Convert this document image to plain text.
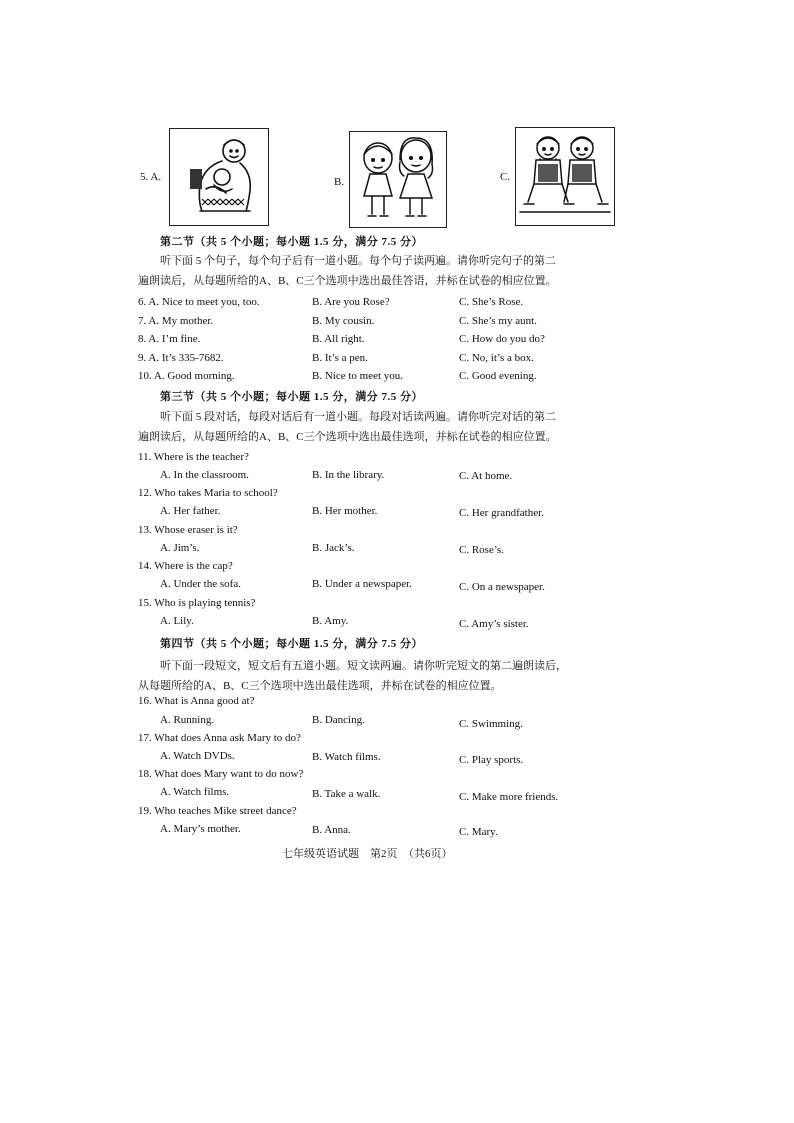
5. A.	B.	C.
第二节（共 5 个小题；每小题 1.5 分，满分 7.5 分）
听下面 5 个句子，每个句子后有一道小题。每个句子读两遍。请你听完句子的第二
遍朗读后，从每题所给的A、B、C三个选项中选出最佳答语，并标在试卷的相应位置。
6. A. Nice to meet you, too.	B. Are you Rose?	C. She’s Rose.
7. A. My mother.	B. My cousin.	C. She’s my aunt.
8. A. I’m fine.	B. All right.	C. How do you do?
9. A. It’s 335-7682.	B. It’s a pen.	C. No, it’s a box.
10. A. Good morning.	B. Nice to meet you.	C. Good evening.
第三节（共 5 个小题；每小题 1.5 分，满分 7.5 分）
听下面 5 段对话，每段对话后有一道小题。每段对话读两遍。请你听完对话的第二
遍朗读后，从每题所给的A、B、C三个选项中选出最佳选项，并标在试卷的相应位置。
11. Where is the teacher?
A. In the classroom.	B. In the library.	C. At home.
12. Who takes Maria to school?
A. Her father.	B. Her mother.	C. Her grandfather.
13. Whose eraser is it?
A. Jim’s.	B. Jack’s.	C. Rose’s.
14. Where is the cap?
A. Under the sofa.	B. Under a newspaper.	C. On a newspaper.
15. Who is playing tennis?
A. Lily.	B. Amy.	C. Amy’s sister.
第四节（共 5 个小题；每小题 1.5 分，满分 7.5 分）
听下面一段短文，短文后有五道小题。短文读两遍。请你听完短文的第二遍朗读后，
从每题所给的A、B、C三个选项中选出最佳选项，并标在试卷的相应位置。
16. What is Anna good at?
A. Running.	B. Dancing.	C. Swimming.
17. What does Anna ask Mary to do?
A. Watch DVDs.	B. Watch films.	C. Play sports.
18. What does Mary want to do now?
A. Watch films.	B. Take a walk.	C. Make more friends.
19. Who teaches Mike street dance?
A. Mary’s mother.	B. Anna.	C. Mary.
七年级英语试题　第2页　（共6页）
